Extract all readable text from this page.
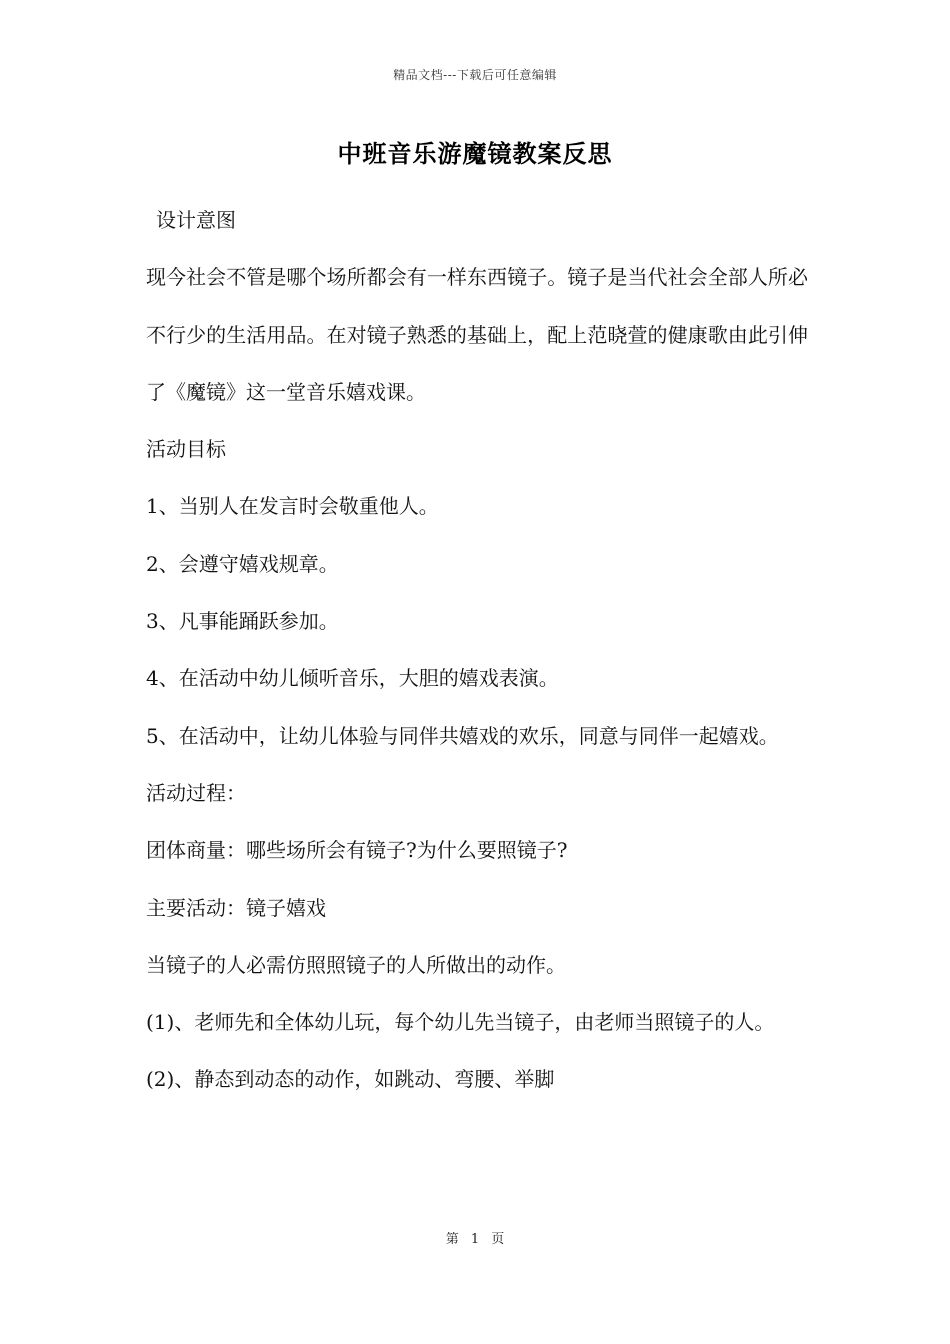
精品文档---下载后可任意编辑
中班音乐游魔镜教案反思

设计意图

现今社会不管是哪个场所都会有一样东西镜子。镜子是当代社会全部人所必不行少的生活用品。在对镜子熟悉的基础上，配上范晓萱的健康歌由此引伸了《魔镜》这一堂音乐嬉戏课。

活动目标

1、当别人在发言时会敬重他人。

2、会遵守嬉戏规章。

3、凡事能踊跃参加。

4、在活动中幼儿倾听音乐，大胆的嬉戏表演。

5、在活动中，让幼儿体验与同伴共嬉戏的欢乐，同意与同伴一起嬉戏。

活动过程：

团体商量：哪些场所会有镜子?为什么要照镜子?

主要活动：镜子嬉戏

当镜子的人必需仿照照镜子的人所做出的动作。

(1)、老师先和全体幼儿玩，每个幼儿先当镜子，由老师当照镜子的人。

(2)、静态到动态的动作，如跳动、弯腰、举脚

第 1 页
